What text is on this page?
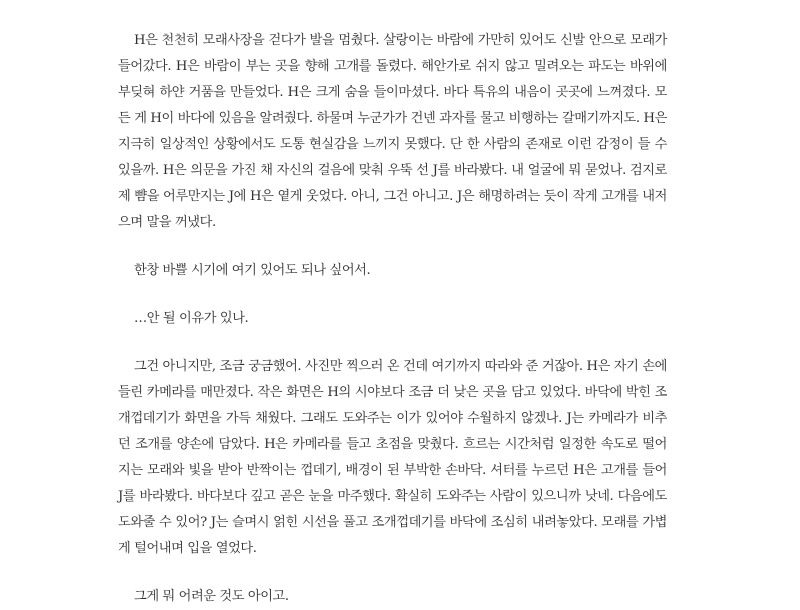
H은 천천히 모래사장을 걷다가 발을 멈췄다. 살랑이는 바람에 가만히 있어도 신발 안으로 모래가 들어갔다. H은 바람이 부는 곳을 향해 고개를 돌렸다. 해안가로 쉬지 않고 밀려오는 파도는 바위에 부딪혀 하얀 거품을 만들었다. H은 크게 숨을 들이마셨다. 바다 특유의 내음이 곳곳에 느껴졌다. 모든 게 H이 바다에 있음을 알려줬다. 하물며 누군가가 건넨 과자를 물고 비행하는 갈매기까지도. H은 지극히 일상적인 상황에서도 도통 현실감을 느끼지 못했다. 단 한 사람의 존재로 이런 감정이 들 수 있을까. H은 의문을 가진 채 자신의 걸음에 맞춰 우뚝 선 J를 바라봤다. 내 얼굴에 뭐 묻었나. 검지로 제 뺨을 어루만지는 J에 H은 옅게 웃었다. 아니, 그건 아니고. J은 해명하려는 듯이 작게 고개를 내저으며 말을 꺼냈다.

한창 바쁠 시기에 여기 있어도 되나 싶어서.

…안 될 이유가 있나.

그건 아니지만, 조금 궁금했어. 사진만 찍으러 온 건데 여기까지 따라와 준 거잖아. H은 자기 손에 들린 카메라를 매만졌다. 작은 화면은 H의 시야보다 조금 더 낮은 곳을 담고 있었다. 바닥에 박힌 조개껍데기가 화면을 가득 채웠다. 그래도 도와주는 이가 있어야 수월하지 않겠나. J는 카메라가 비추던 조개를 양손에 담았다. H은 카메라를 들고 초점을 맞췄다. 흐르는 시간처럼 일정한 속도로 떨어지는 모래와 빛을 받아 반짝이는 껍데기, 배경이 된 부박한 손바닥. 셔터를 누르던 H은 고개를 들어 J를 바라봤다. 바다보다 깊고 곧은 눈을 마주했다. 확실히 도와주는 사람이 있으니까 낫네. 다음에도 도와줄 수 있어? J는 슬며시 얽힌 시선을 풀고 조개껍데기를 바닥에 조심히 내려놓았다. 모래를 가볍게 털어내며 입을 열었다.

그게 뭐 어려운 것도 아이고.
